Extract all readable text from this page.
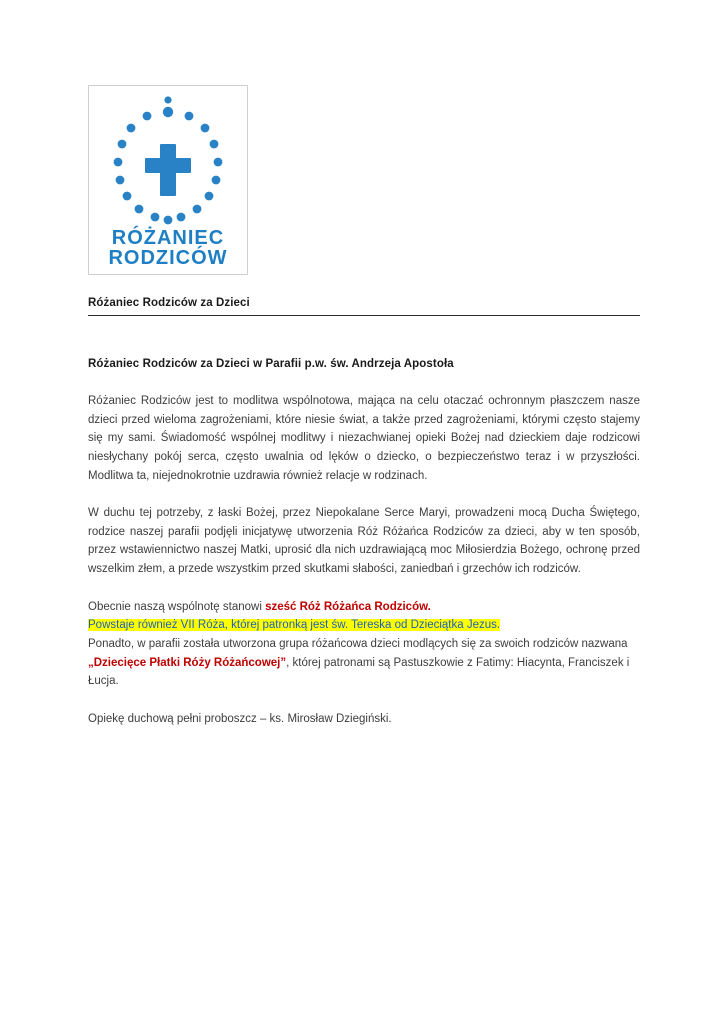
RÓŻANIEC
RODZICÓW
Różaniec Rodziców za Dzieci
Różaniec Rodziców za Dzieci w Parafii p.w. św. Andrzeja Apostoła

Różaniec Rodziców jest to modlitwa wspólnotowa, mająca na celu otaczać ochronnym płaszczem nasze dzieci przed wieloma zagrożeniami, które niesie świat, a także przed zagrożeniami, którymi często stajemy się my sami. Świadomość wspólnej modlitwy i niezachwianej opieki Bożej nad dzieckiem daje rodzicowi niesłychany pokój serca, często uwalnia od lęków o dziecko, o bezpieczeństwo teraz i w przyszłości. Modlitwa ta, niejednokrotnie uzdrawia również relacje w rodzinach.

W duchu tej potrzeby, z łaski Bożej, przez Niepokalane Serce Maryi, prowadzeni mocą Ducha Świętego, rodzice naszej parafii podjęli inicjatywę utworzenia Róż Różańca Rodziców za dzieci, aby w ten sposób, przez wstawiennictwo naszej Matki, uprosić dla nich uzdrawiającą moc Miłosierdzia Bożego, ochronę przed wszelkim złem, a przede wszystkim przed skutkami słabości, zaniedbań i grzechów ich rodziców.

Obecnie naszą wspólnotę stanowi sześć Róż Różańca Rodziców.
Powstaje również VII Róża, której patronką jest św. Tereska od Dzieciątka Jezus.
Ponadto, w parafii została utworzona grupa różańcowa dzieci modlących się za swoich rodziców nazwana „Dziecięce Płatki Róży Różańcowej”, której patronami są Pastuszkowie z Fatimy: Hiacynta, Franciszek i Łucja.

Opiekę duchową pełni proboszcz – ks. Mirosław Dziegiński.
